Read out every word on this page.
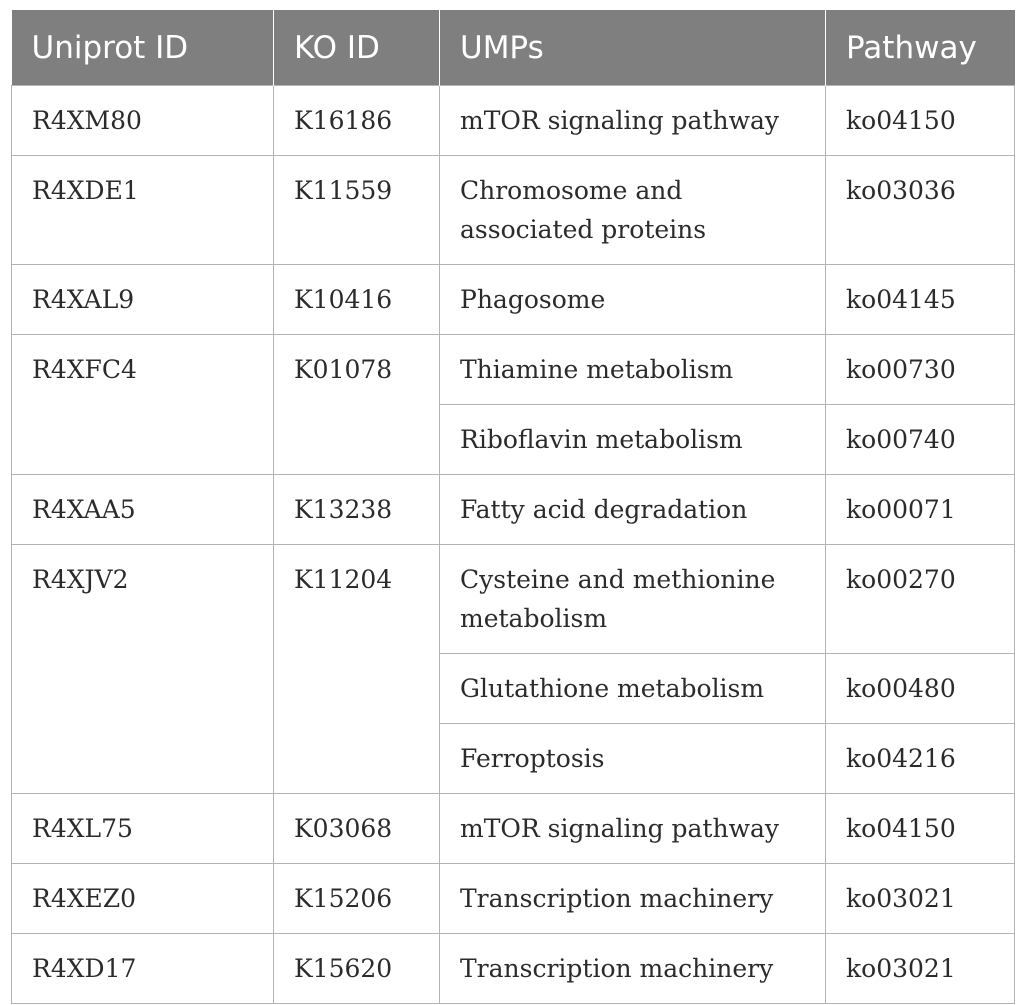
Uniprot ID	KO ID	UMPs	Pathway
R4XM80	K16186	mTOR signaling pathway	ko04150
R4XDE1	K11559	Chromosome and associated proteins	ko03036
R4XAL9	K10416	Phagosome	ko04145
R4XFC4	K01078	Thiamine metabolism	ko00730
		Riboflavin metabolism	ko00740
R4XAA5	K13238	Fatty acid degradation	ko00071
R4XJV2	K11204	Cysteine and methionine metabolism	ko00270
		Glutathione metabolism	ko00480
		Ferroptosis	ko04216
R4XL75	K03068	mTOR signaling pathway	ko04150
R4XEZ0	K15206	Transcription machinery	ko03021
R4XD17	K15620	Transcription machinery	ko03021
